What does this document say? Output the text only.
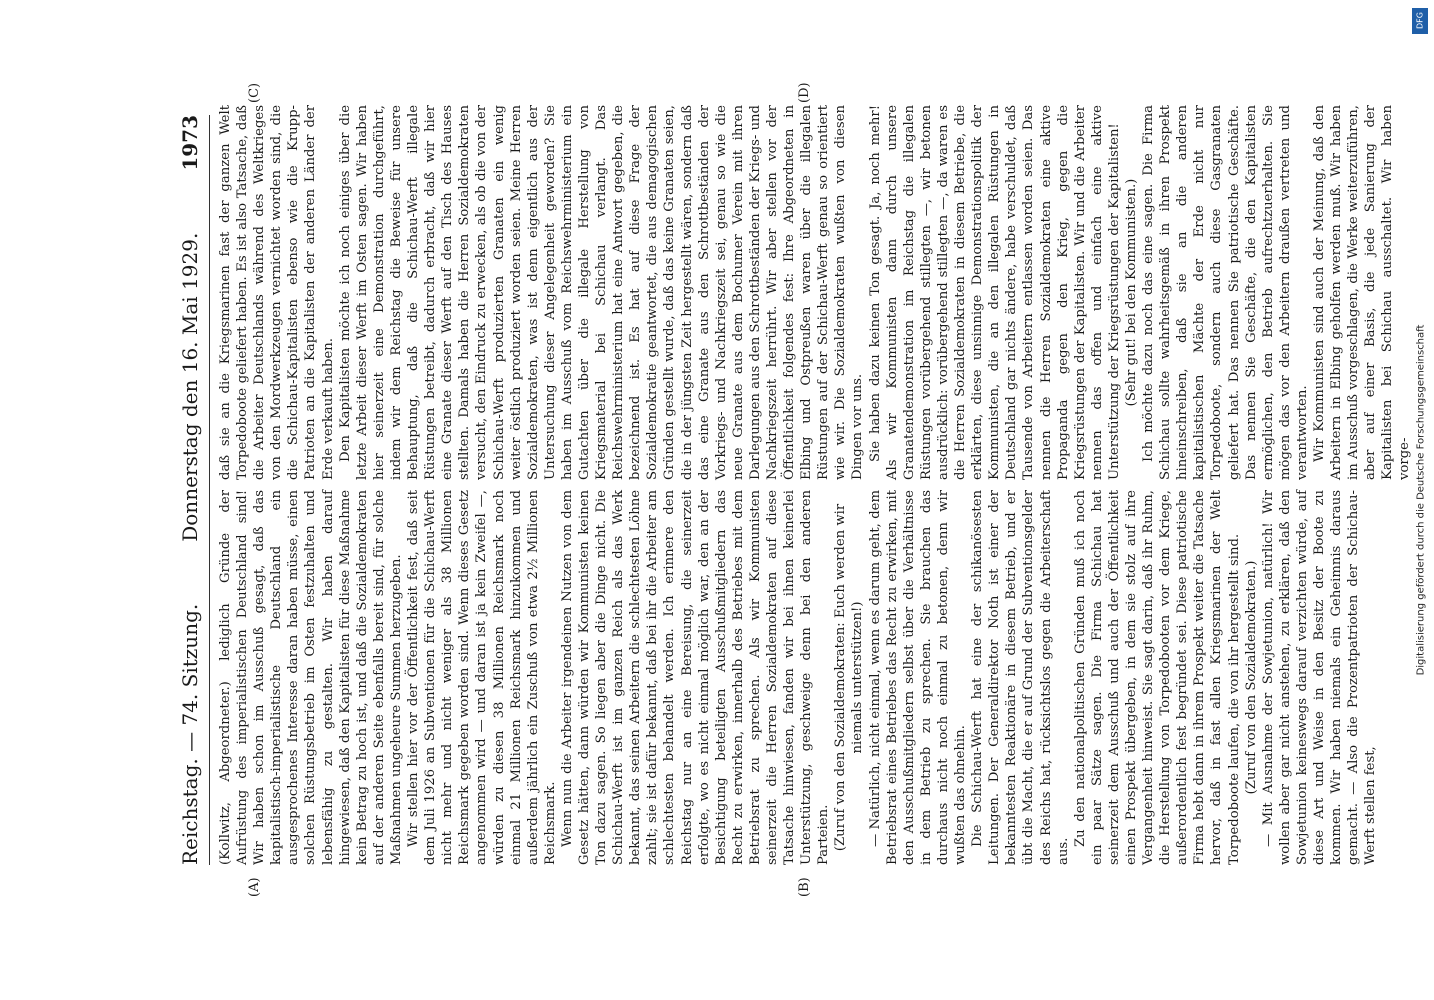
Reichstag. — 74. Sitzung.
Donnerstag den 16. Mai 1929.
1973
(A)	(B)
(C)	(D)

(Kollwitz, Abgeordneter.) lediglich Gründe der Aufrüstung des imperialistischen Deutschland sind! Wir haben schon im Ausschuß gesagt, daß das kapitalistisch-imperialistische Deutschland ein ausgesprochenes Interesse daran haben müsse, einen solchen Rüstungsbetrieb im Osten festzuhalten und lebensfähig zu gestalten. Wir haben darauf hingewiesen, daß den Kapitalisten für diese Maßnahme kein Betrag zu hoch ist, und daß die Sozialdemokraten auf der anderen Seite ebenfalls bereit sind, für solche Maßnahmen ungeheure Summen herzugeben. Wir stellen hier vor der Öffentlichkeit fest, daß seit dem Juli 1926 an Subventionen für die Schichau-Werft nicht mehr und nicht weniger als 38 Millionen Reichsmark gegeben worden sind. Wenn dieses Gesetz angenommen wird — und daran ist ja kein Zweifel —, würden zu diesen 38 Millionen Reichsmark noch einmal 21 Millionen Reichsmark hinzukommen und außerdem jährlich ein Zuschuß von etwa 2½ Millionen Reichsmark. Wenn nun die Arbeiter irgendeinen Nutzen von dem Gesetz hätten, dann würden wir Kommunisten keinen Ton dazu sagen. So liegen aber die Dinge nicht. Die Schichau-Werft ist im ganzen Reich als das Werk bekannt, das seinen Arbeitern die schlechtesten Löhne zahlt; sie ist dafür bekannt, daß bei ihr die Arbeiter am schlechtesten behandelt werden. Ich erinnere den Reichstag nur an eine Bereisung, die seinerzeit erfolgte, wo es nicht einmal möglich war, den an der Besichtigung beteiligten Ausschußmitgliedern das Recht zu erwirken, innerhalb des Betriebes mit dem Betriebsrat zu sprechen. Als wir Kommunisten seinerzeit die Herren Sozialdemokraten auf diese Tatsache hinwiesen, fanden wir bei ihnen keinerlei Unterstützung, geschweige denn bei den anderen Parteien. (Zuruf von den Sozialdemokraten: Euch werden wir niemals unterstützen!) — Natürlich, nicht einmal, wenn es darum geht, dem Betriebsrat eines Betriebes das Recht zu erwirken, mit den Ausschußmitgliedern selbst über die Verhältnisse in dem Betrieb zu sprechen. Sie brauchen das durchaus nicht noch einmal zu betonen, denn wir wußten das ohnehin. Die Schichau-Werft hat eine der schikanösesten Leitungen. Der Generaldirektor Noth ist einer der bekanntesten Reaktionäre in diesem Betrieb, und er übt die Macht, die er auf Grund der Subventionsgelder des Reichs hat, rücksichtslos gegen die Arbeiterschaft aus.

Zu den nationalpolitischen Gründen muß ich noch ein paar Sätze sagen. Die Firma Schichau hat seinerzeit dem Ausschuß und auch der Öffentlichkeit einen Prospekt übergeben, in dem sie stolz auf ihre Vergangenheit hinweist. Sie sagt darin, daß ihr Ruhm, die Herstellung von Torpedobooten vor dem Kriege, außerordentlich fest begründet sei. Diese patriotische Firma hebt dann in ihrem Prospekt weiter die Tatsache hervor, daß in fast allen Kriegsmarinen der Welt Torpedoboote laufen, die von ihr hergestellt sind. (Zuruf von den Sozialdemokraten.) — Mit Ausnahme der Sowjetunion, natürlich! Wir wollen aber gar nicht anstehen, zu erklären, daß den Sowjetunion keineswegs darauf verzichten würde, auf diese Art und Weise in den Besitz der Boote zu kommen. Wir haben niemals ein Geheimnis daraus gemacht. — Also die Prozentpatrioten der Schichau-Werft stellen fest,

daß sie an die Kriegsmarinen fast der ganzen Welt Torpedoboote geliefert haben. Es ist also Tatsache, daß die Arbeiter Deutschlands während des Weltkrieges von den Mordwerkzeugen vernichtet worden sind, die die Schichau-Kapitalisten ebenso wie die Krupp-Patrioten an die Kapitalisten der anderen Länder der Erde verkauft haben. Den Kapitalisten möchte ich noch einiges über die letzte Arbeit dieser Werft im Osten sagen. Wir haben hier seinerzeit eine Demonstration durchgeführt, indem wir dem Reichstag die Beweise für unsere Behauptung, daß die Schichau-Werft illegale Rüstungen betreibt, dadurch erbracht, daß wir hier eine Granate dieser Werft auf den Tisch des Hauses stellten. Damals haben die Herren Sozialdemokraten versucht, den Eindruck zu erwecken, als ob die von der Schichau-Werft produzierten Granaten ein wenig weiter östlich produziert worden seien. Meine Herren Sozialdemokraten, was ist denn eigentlich aus der Untersuchung dieser Angelegenheit geworden? Sie haben im Ausschuß vom Reichswehrministerium ein Gutachten über die illegale Herstellung von Kriegsmaterial bei Schichau verlangt. Das Reichswehrministerium hat eine Antwort gegeben, die bezeichnend ist. Es hat auf diese Frage der Sozialdemokratie geantwortet, die aus demagogischen Gründen gestellt wurde, daß das keine Granaten seien, die in der jüngsten Zeit hergestellt wären, sondern daß das eine Granate aus den Schrottbeständen der Vorkriegs- und Nachkriegszeit sei, genau so wie die neue Granate aus dem Bochumer Verein mit ihren Darlegungen aus den Schrottbeständen der Kriegs- und Nachkriegszeit herrührt. Wir aber stellen vor der Öffentlichkeit folgendes fest: Ihre Abgeordneten in Elbing und Ostpreußen waren über die illegalen Rüstungen auf der Schichau-Werft genau so orientiert wie wir. Die Sozialdemokraten wußten von diesen Dingen vor uns. Sie haben dazu keinen Ton gesagt. Ja, noch mehr! Als wir Kommunisten dann durch unsere Granatendemonstration im Reichstag die illegalen Rüstungen vorübergehend stillegten —, wir betonen ausdrücklich: vorübergehend stillegten —, da waren es die Herren Sozialdemokraten in diesem Betriebe, die erklärten, diese unsinnige Demonstrationspolitik der Kommunisten, die an den illegalen Rüstungen in Deutschland gar nichts ändere, habe verschuldet, daß Tausende von Arbeitern entlassen worden seien. Das nennen die Herren Sozialdemokraten eine aktive Propaganda gegen den Krieg, gegen die Kriegsrüstungen der Kapitalisten. Wir und die Arbeiter nennen das offen und einfach eine aktive Unterstützung der Kriegsrüstungen der Kapitalisten! (Sehr gut! bei den Kommunisten.) Ich möchte dazu noch das eine sagen. Die Firma Schichau sollte wahrheitsgemäß in ihren Prospekt hineinschreiben, daß sie an die anderen kapitalistischen Mächte der Erde nicht nur Torpedoboote, sondern auch diese Gasgranaten geliefert hat. Das nennen Sie patriotische Geschäfte. Das nennen Sie Geschäfte, die den Kapitalisten ermöglichen, den Betrieb aufrechtzuerhalten. Sie mögen das vor den Arbeitern draußen vertreten und verantworten. Wir Kommunisten sind auch der Meinung, daß den Arbeitern in Elbing geholfen werden muß. Wir haben im Ausschuß vorgeschlagen, die Werke weiterzuführen, aber auf einer Basis, die jede Sanierung der Kapitalisten bei Schichau ausschaltet. Wir haben vorge-

DFG
Digitalisierung gefördert durch die Deutsche Forschungsgemeinschaft
